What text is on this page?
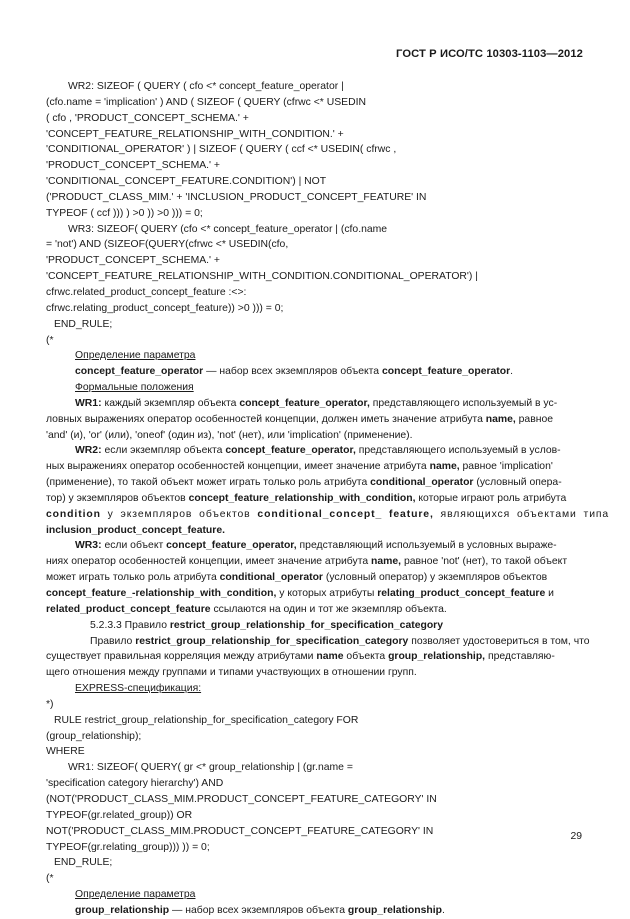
ГОСТ Р ИСО/ТС 10303-1103—2012
WR2: SIZEOF ( QUERY ( cfo <* concept_feature_operator |
(cfo.name = 'implication' ) AND ( SIZEOF ( QUERY (cfrwc <* USEDIN
( cfo , 'PRODUCT_CONCEPT_SCHEMA.' +
'CONCEPT_FEATURE_RELATIONSHIP_WITH_CONDITION.' +
'CONDITIONAL_OPERATOR' ) | SIZEOF ( QUERY ( ccf <* USEDIN( cfrwc ,
'PRODUCT_CONCEPT_SCHEMA.' +
'CONDITIONAL_CONCEPT_FEATURE.CONDITION') | NOT
('PRODUCT_CLASS_MIM.' + 'INCLUSION_PRODUCT_CONCEPT_FEATURE' IN
TYPEOF ( ccf ))) ) >0 )) >0 ))) = 0;
WR3: SIZEOF( QUERY (cfo <* concept_feature_operator | (cfo.name
= 'not') AND (SIZEOF(QUERY(cfrwc <* USEDIN(cfo,
'PRODUCT_CONCEPT_SCHEMA.' +
'CONCEPT_FEATURE_RELATIONSHIP_WITH_CONDITION.CONDITIONAL_OPERATOR') |
cfrwc.related_product_concept_feature :<>:
cfrwc.relating_product_concept_feature)) >0 ))) = 0;
END_RULE;
(*
Определение параметра
concept_feature_operator — набор всех экземпляров объекта concept_feature_operator.
Формальные положения
WR1: каждый экземпляр объекта concept_feature_operator, представляющего используемый в ус-
ловных выражениях оператор особенностей концепции, должен иметь значение атрибута name, равное
'and' (и), 'or' (или), 'oneof' (один из), 'not' (нет), или 'implication' (применение).
WR2: если экземпляр объекта concept_feature_operator, представляющего используемый в услов-
ных выражениях оператор особенностей концепции, имеет значение атрибута name, равное 'implication'
(применение), то такой объект может играть только роль атрибута conditional_operator (условный опера-
тор) у экземпляров объектов concept_feature_relationship_with_condition, которые играют роль атрибута
condition у экземпляров объектов conditional_concept_ feature, являющихся объектами типа
inclusion_product_concept_feature.
WR3: если объект concept_feature_operator, представляющий используемый в условных выраже-
ниях оператор особенностей концепции, имеет значение атрибута name, равное 'not' (нет), то такой объект
может играть только роль атрибута conditional_operator (условный оператор) у экземпляров объектов
concept_feature_-relationship_with_condition, у которых атрибуты relating_product_concept_feature и
related_product_concept_feature ссылаются на один и тот же экземпляр объекта.
5.2.3.3 Правило restrict_group_relationship_for_specification_category
Правило restrict_group_relationship_for_specification_category позволяет удостовериться в том, что
существует правильная корреляция между атрибутами name объекта group_relationship, представляю-
щего отношения между группами и типами участвующих в отношении групп.
EXPRESS-спецификация:
*)
RULE restrict_group_relationship_for_specification_category FOR
(group_relationship);
WHERE
WR1: SIZEOF( QUERY( gr <* group_relationship | (gr.name =
'specification category hierarchy') AND
(NOT('PRODUCT_CLASS_MIM.PRODUCT_CONCEPT_FEATURE_CATEGORY' IN
TYPEOF(gr.related_group)) OR
NOT('PRODUCT_CLASS_MIM.PRODUCT_CONCEPT_FEATURE_CATEGORY' IN
TYPEOF(gr.relating_group))) )) = 0;
END_RULE;
(*
Определение параметра
group_relationship — набор всех экземпляров объекта group_relationship.
29
